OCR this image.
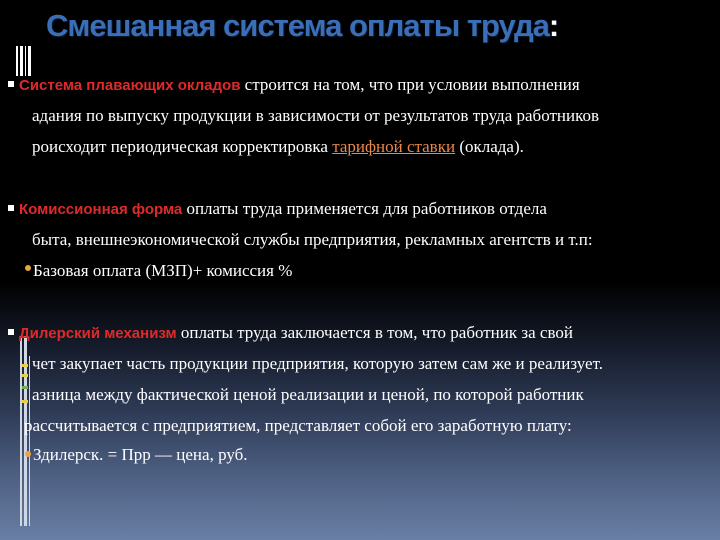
Смешанная система оплаты труда:
Система плавающих окладов строится на том, что при условии выполнения
адания по выпуску продукции в зависимости от результатов труда работников
роисходит периодическая корректировка тарифной ставки (оклада).
Комиссионная форма оплаты труда применяется для работников отдела
быта, внешнеэкономической службы предприятия, рекламных агентств и т.п:
Базовая оплата (МЗП)+ комиссия %
Дилерский механизм оплаты труда заключается в том, что работник за свой
чет закупает часть продукции предприятия, которую затем сам же и реализует.
азница между фактической ценой реализации и ценой, по которой работник
рассчитывается с предприятием, представляет собой его заработную плату:
Здилерск. = Прр — цена, руб.
